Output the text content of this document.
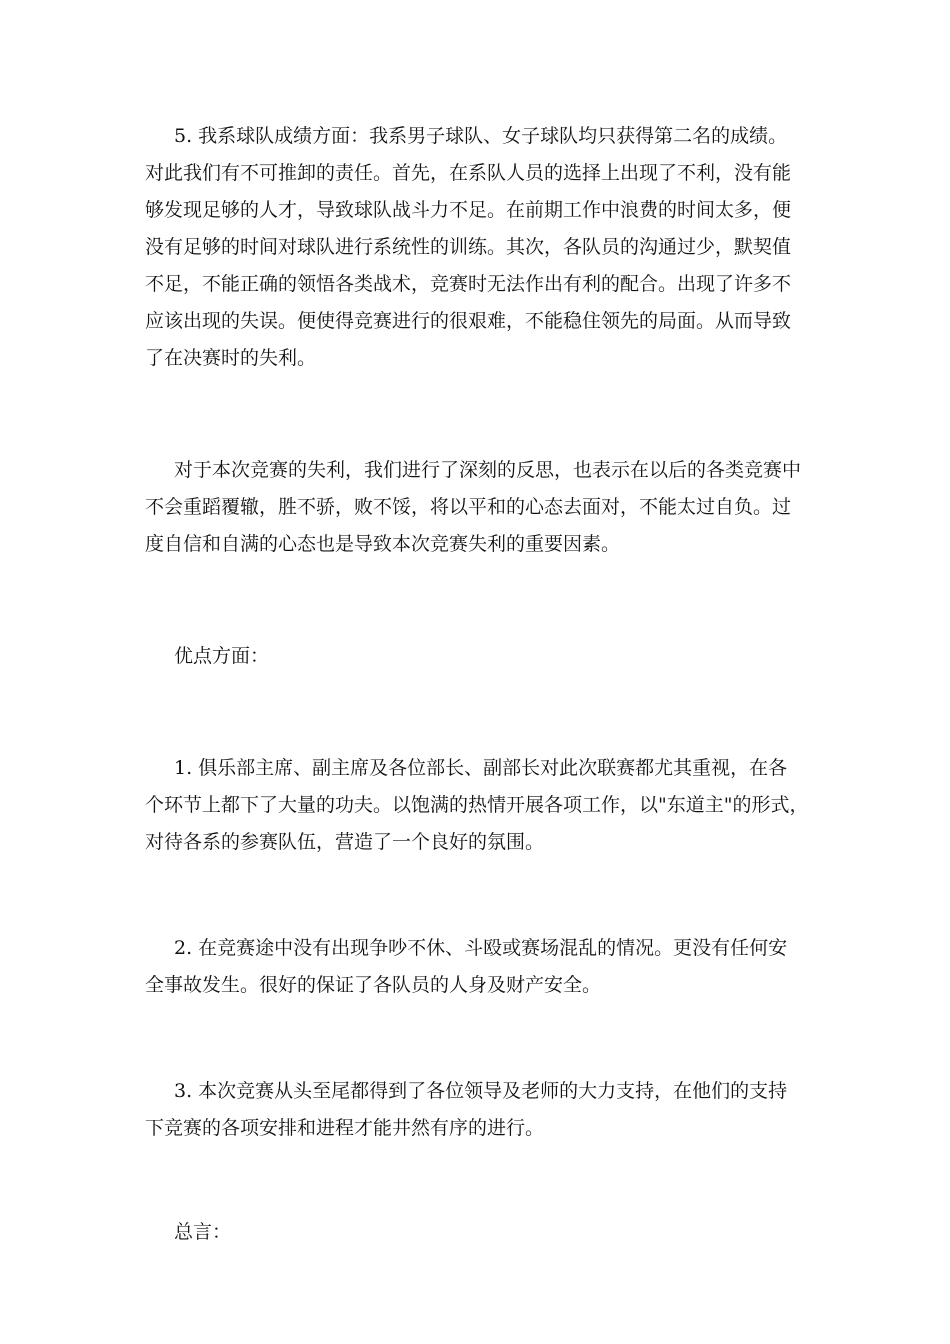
5. 我系球队成绩方面：我系男子球队、女子球队均只获得第二名的成绩。
对此我们有不可推卸的责任。首先，在系队人员的选择上出现了不利，没有能
够发现足够的人才，导致球队战斗力不足。在前期工作中浪费的时间太多，便
没有足够的时间对球队进行系统性的训练。其次，各队员的沟通过少，默契值
不足，不能正确的领悟各类战术，竞赛时无法作出有利的配合。出现了许多不
应该出现的失误。便使得竞赛进行的很艰难，不能稳住领先的局面。从而导致
了在决赛时的失利。

对于本次竞赛的失利，我们进行了深刻的反思，也表示在以后的各类竞赛中
不会重蹈覆辙，胜不骄，败不馁，将以平和的心态去面对，不能太过自负。过
度自信和自满的心态也是导致本次竞赛失利的重要因素。

优点方面：

1. 俱乐部主席、副主席及各位部长、副部长对此次联赛都尤其重视，在各
个环节上都下了大量的功夫。以饱满的热情开展各项工作，以"东道主"的形式，
对待各系的参赛队伍，营造了一个良好的氛围。

2. 在竞赛途中没有出现争吵不休、斗殴或赛场混乱的情况。更没有任何安
全事故发生。很好的保证了各队员的人身及财产安全。

3. 本次竞赛从头至尾都得到了各位领导及老师的大力支持，在他们的支持
下竞赛的各项安排和进程才能井然有序的进行。

总言：
